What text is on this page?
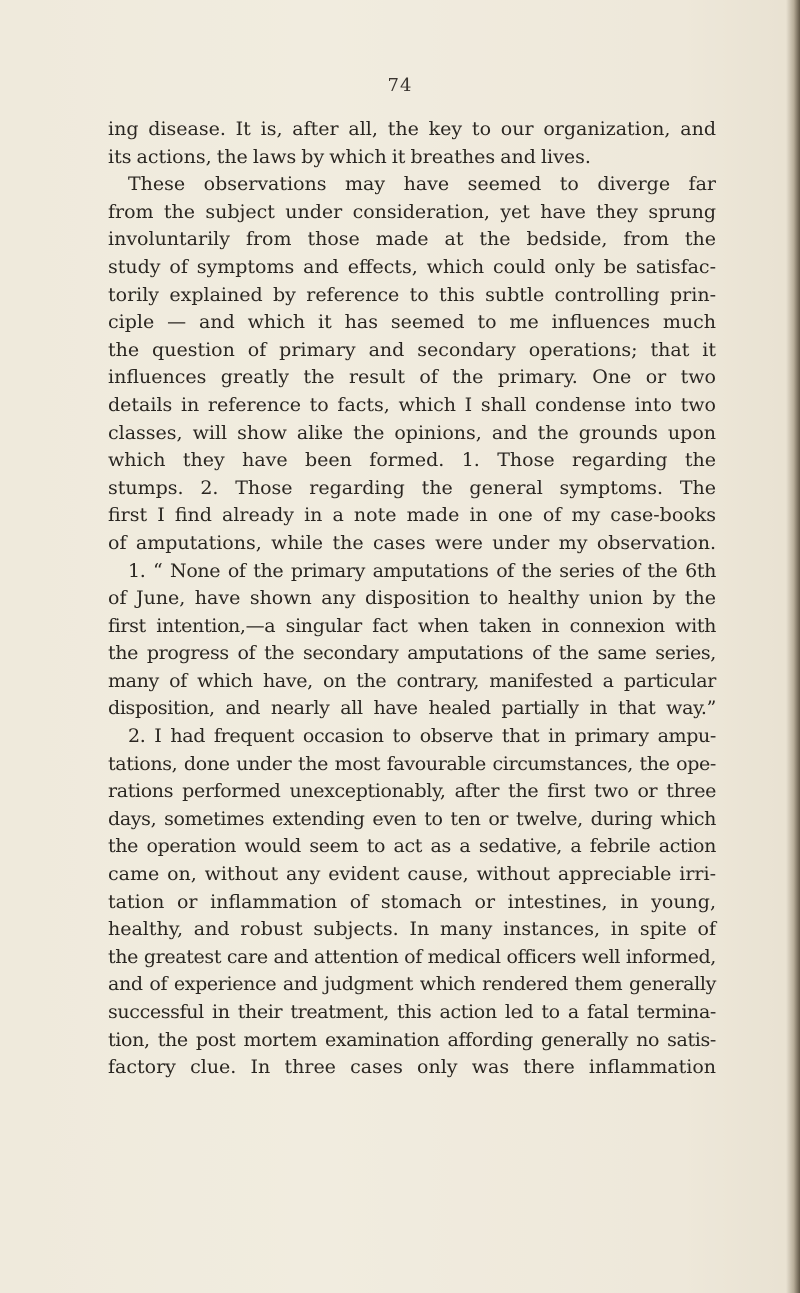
74

ing disease. It is, after all, the key to our organization, and
its actions, the laws by which it breathes and lives.
These observations may have seemed to diverge far
from the subject under consideration, yet have they sprung
involuntarily from those made at the bedside, from the
study of symptoms and effects, which could only be satisfac-
torily explained by reference to this subtle controlling prin-
ciple — and which it has seemed to me influences much
the question of primary and secondary operations; that it
influences greatly the result of the primary. One or two
details in reference to facts, which I shall condense into two
classes, will show alike the opinions, and the grounds upon
which they have been formed. 1. Those regarding the
stumps. 2. Those regarding the general symptoms. The
first I find already in a note made in one of my case-books
of amputations, while the cases were under my observation.
1. “ None of the primary amputations of the series of the 6th
of June, have shown any disposition to healthy union by the
first intention,—a singular fact when taken in connexion with
the progress of the secondary amputations of the same series,
many of which have, on the contrary, manifested a particular
disposition, and nearly all have healed partially in that way.”
2. I had frequent occasion to observe that in primary ampu-
tations, done under the most favourable circumstances, the ope-
rations performed unexceptionably, after the first two or three
days, sometimes extending even to ten or twelve, during which
the operation would seem to act as a sedative, a febrile action
came on, without any evident cause, without appreciable irri-
tation or inflammation of stomach or intestines, in young,
healthy, and robust subjects. In many instances, in spite of
the greatest care and attention of medical officers well informed,
and of experience and judgment which rendered them generally
successful in their treatment, this action led to a fatal termina-
tion, the post mortem examination affording generally no satis-
factory clue. In three cases only was there inflammation
